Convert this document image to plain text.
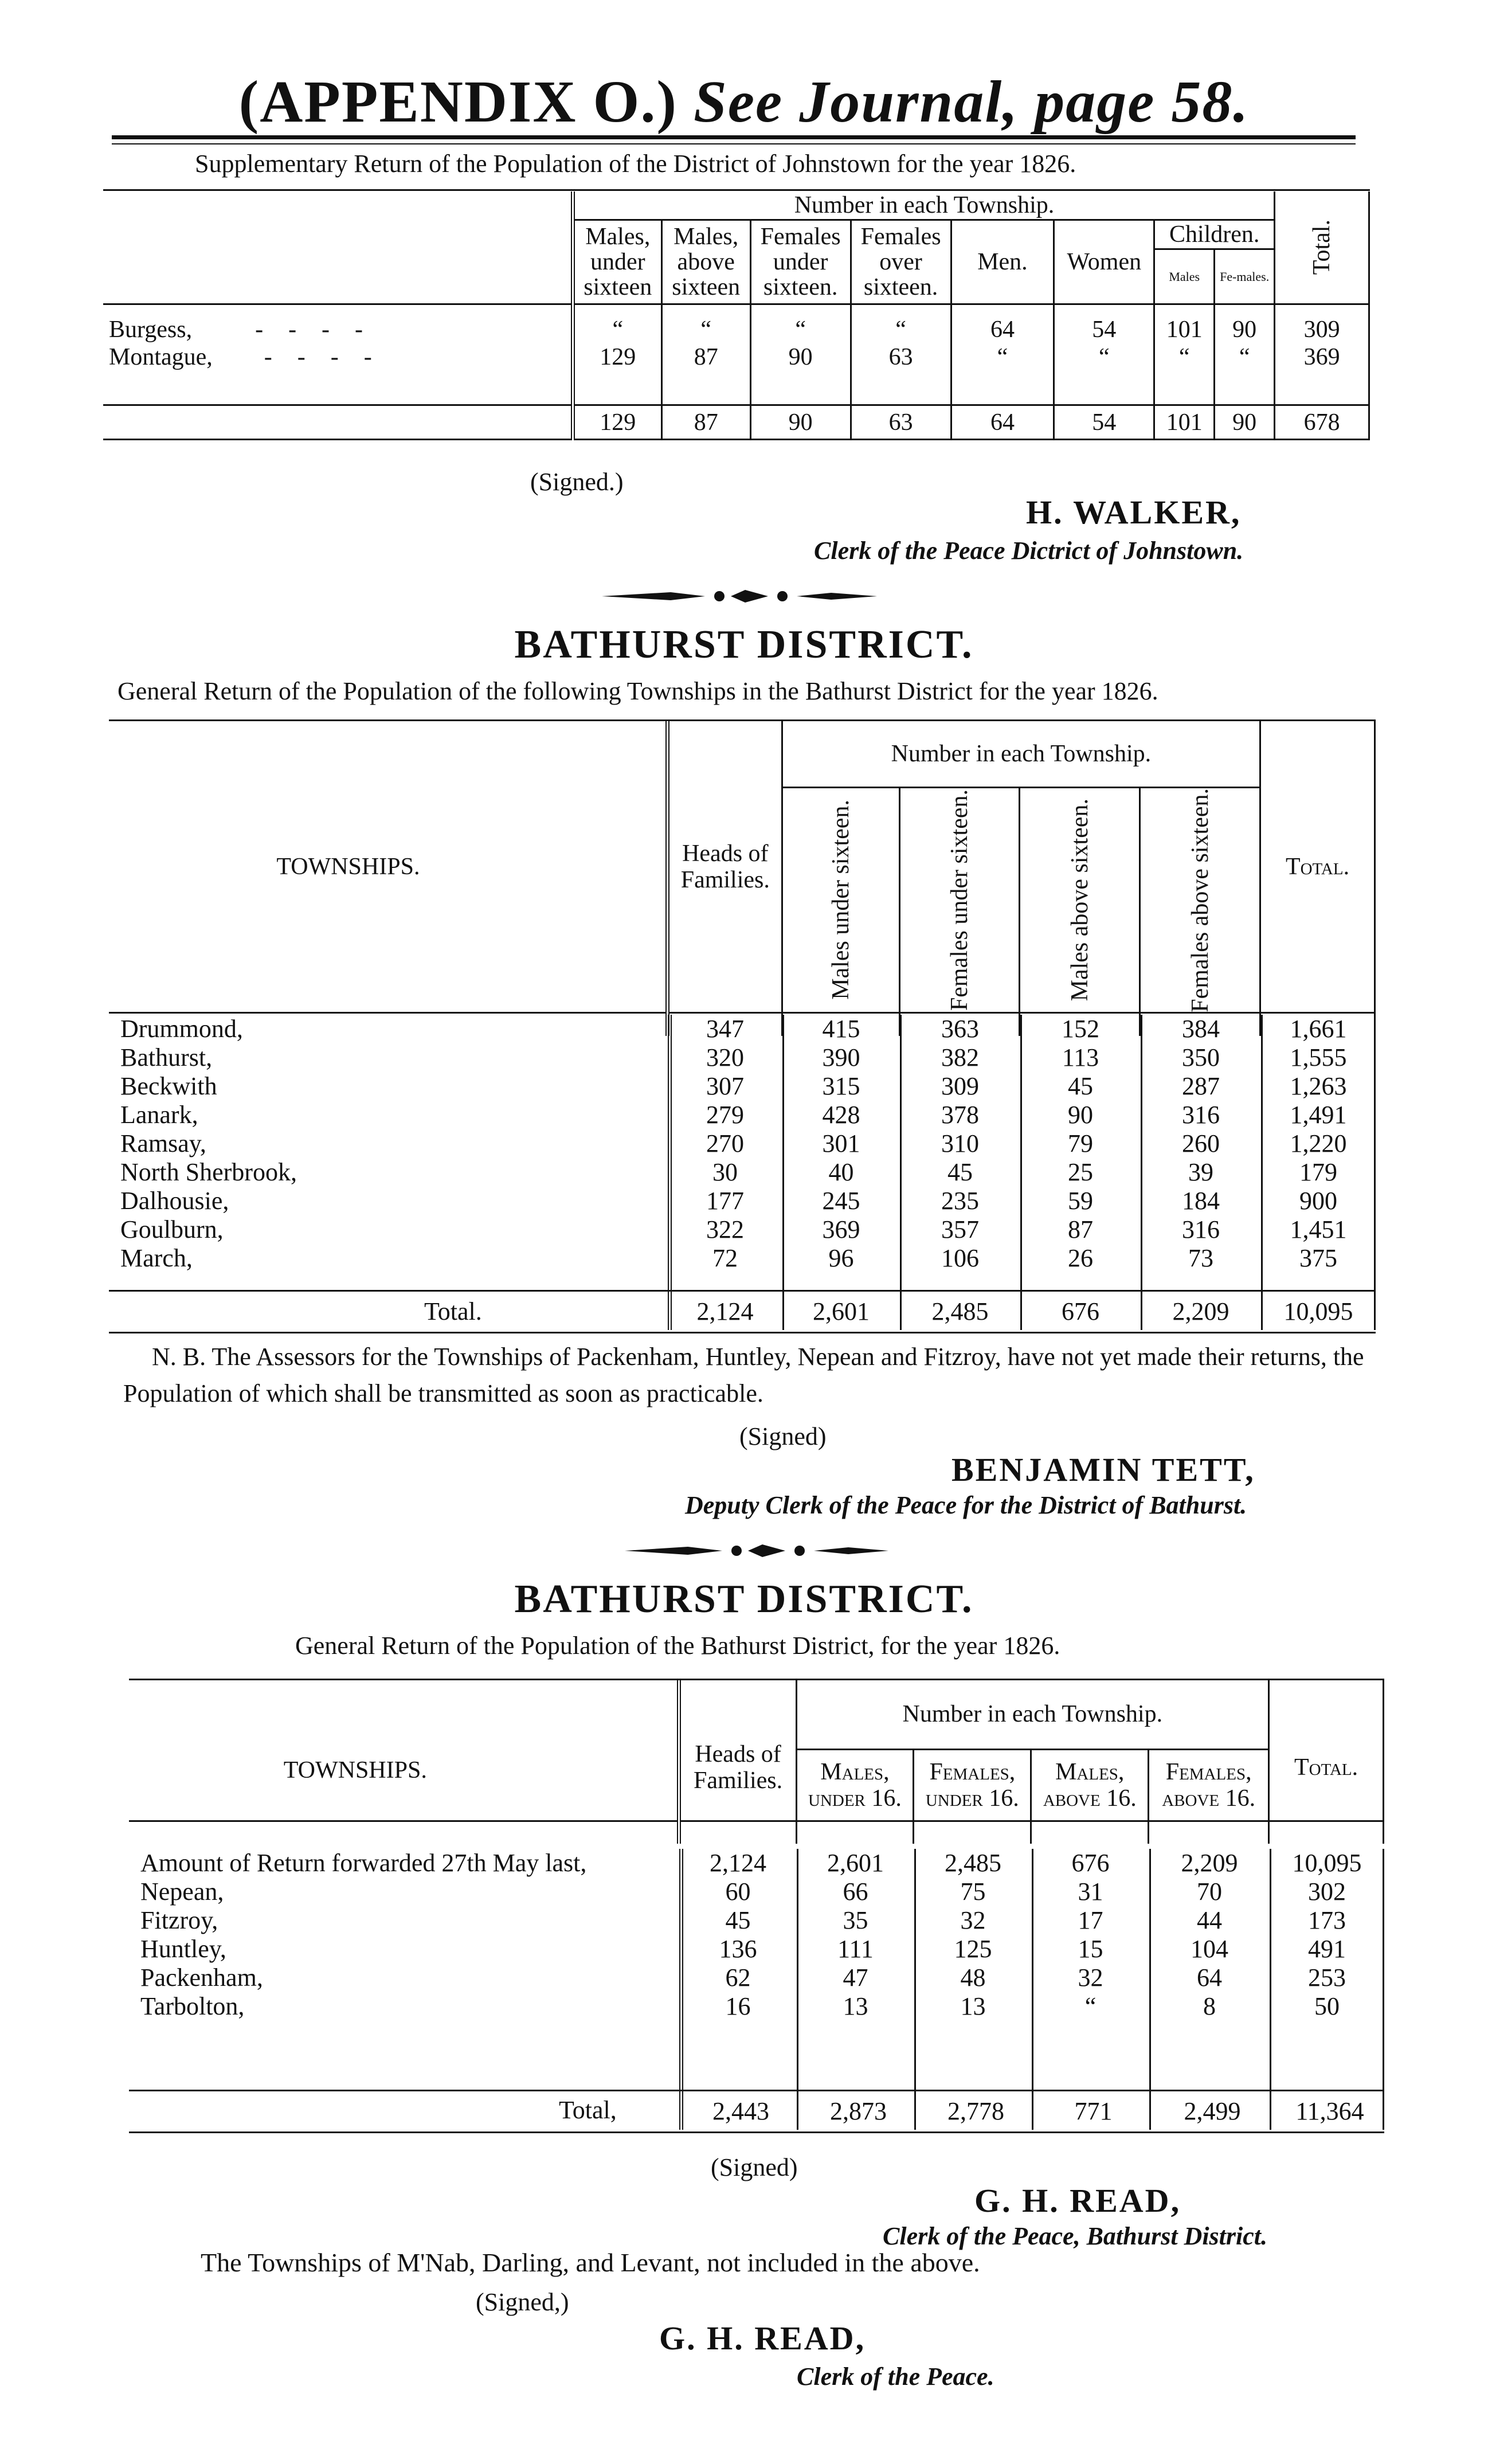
(APPENDIX O.) See Journal, page 58.
Supplementary Return of the Population of the District of Johnstown for the year 1826.
	Number in each Township.								Total.

	Males, under sixteen	Males, above sixteen	Females under sixteen.	Females over sixteen.	Men.	Women	Children.		
							Males	Fe-males.	

Burgess, ----	“	“	“	“	64	54	101	90	309
Montague, ----	129	87	90	63	“	“	“	“	369

	129	87	90	63	64	54	101	90	678
(Signed.)
H. WALKER,
Clerk of the Peace Dictrict of Johnstown.
BATHURST DISTRICT.
General Return of the Population of the following Townships in the Bathurst District for the year 1826.
TOWNSHIPS.	Heads of Families.	Number in each Township.				Total.

		Males under sixteen.	Females under sixteen.	Males above sixteen.	Females above sixteen.	

Drummond,	347	415	363	152	384	1,661
Bathurst,	320	390	382	113	350	1,555
Beckwith	307	315	309	45	287	1,263
Lanark,	279	428	378	90	316	1,491
Ramsay,	270	301	310	79	260	1,220
North Sherbrook,	30	40	45	25	39	179
Dalhousie,	177	245	235	59	184	900
Goulburn,	322	369	357	87	316	1,451
March,	72	96	106	26	73	375
Total.	2,124	2,601	2,485	676	2,209	10,095
N. B. The Assessors for the Townships of Packenham, Huntley, Nepean and Fitzroy, have not yet made their returns, the Population of which shall be transmitted as soon as practicable.
(Signed)
BENJAMIN TETT,
Deputy Clerk of the Peace for the District of Bathurst.
BATHURST DISTRICT.
General Return of the Population of the Bathurst District, for the year 1826.
TOWNSHIPS.	Heads of Families.	Number in each Township.				Total.
		Males, under 16.	Females, under 16.	Males, above 16.	Females, above 16.	

Amount of Return forwarded 27th May last,	2,124	2,601	2,485	676	2,209	10,095
Nepean,	60	66	75	31	70	302
Fitzroy,	45	35	32	17	44	173
Huntley,	136	111	125	15	104	491
Packenham,	62	47	48	32	64	253
Tarbolton,	16	13	13	“	8	50
Total,	2,443	2,873	2,778	771	2,499	11,364
(Signed)
G. H. READ,
Clerk of the Peace, Bathurst District.
The Townships of M'Nab, Darling, and Levant, not included in the above.
(Signed,)
G. H. READ,
Clerk of the Peace.
